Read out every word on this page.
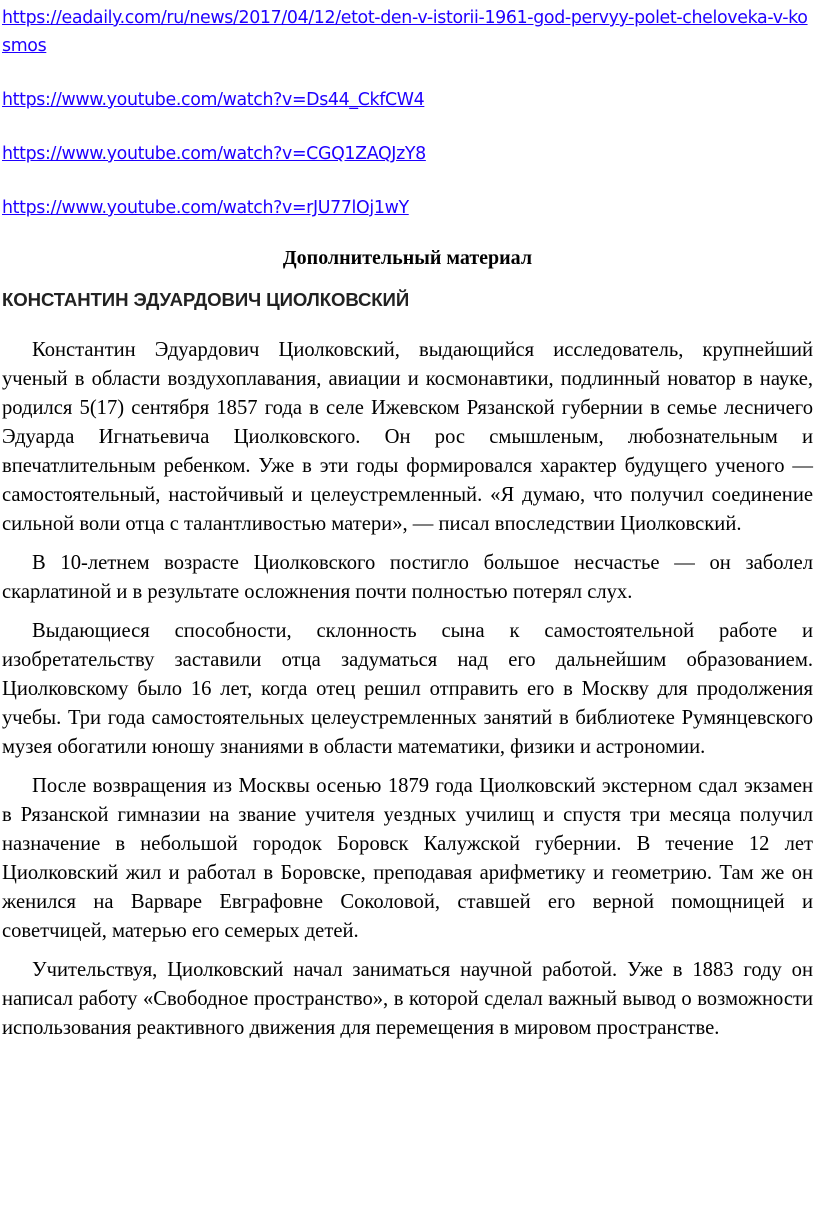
https://eadaily.com/ru/news/2017/04/12/etot-den-v-istorii-1961-god-pervyy-polet-cheloveka-v-kosmos
https://www.youtube.com/watch?v=Ds44_CkfCW4
https://www.youtube.com/watch?v=CGQ1ZAQJzY8
https://www.youtube.com/watch?v=rJU77lOj1wY

Дополнительный материал

КОНСТАНТИН ЭДУАРДОВИЧ ЦИОЛКОВСКИЙ

Константин Эдуардович Циолковский, выдающийся исследователь, крупнейший ученый в области воздухоплавания, авиации и космонавтики, подлинный новатор в науке, родился 5(17) сентября 1857 года в селе Ижевском Рязанской губернии в семье лесничего Эдуарда Игнатьевича Циолковского. Он рос смышленым, любознательным и впечатлительным ребенком. Уже в эти годы формировался характер будущего ученого — самостоятельный, настойчивый и целеустремленный. «Я думаю, что получил соединение сильной воли отца с талантливостью матери», — писал впоследствии Циолковский.

В 10-летнем возрасте Циолковского постигло большое несчастье — он заболел скарлатиной и в результате осложнения почти полностью потерял слух.

Выдающиеся способности, склонность сына к самостоятельной работе и изобретательству заставили отца задуматься над его дальнейшим образованием. Циолковскому было 16 лет, когда отец решил отправить его в Москву для продолжения учебы. Три года самостоятельных целеустремленных занятий в библиотеке Румянцевского музея обогатили юношу знаниями в области математики, физики и астрономии.

После возвращения из Москвы осенью 1879 года Циолковский экстерном сдал экзамен в Рязанской гимназии на звание учителя уездных училищ и спустя три месяца получил назначение в небольшой городок Боровск Калужской губернии. В течение 12 лет Циолковский жил и работал в Боровске, преподавая арифметику и геометрию. Там же он женился на Варваре Евграфовне Соколовой, ставшей его верной помощницей и советчицей, матерью его семерых детей.

Учительствуя, Циолковский начал заниматься научной работой. Уже в 1883 году он написал работу «Свободное пространство», в которой сделал важный вывод о возможности использования реактивного движения для перемещения в мировом пространстве.
